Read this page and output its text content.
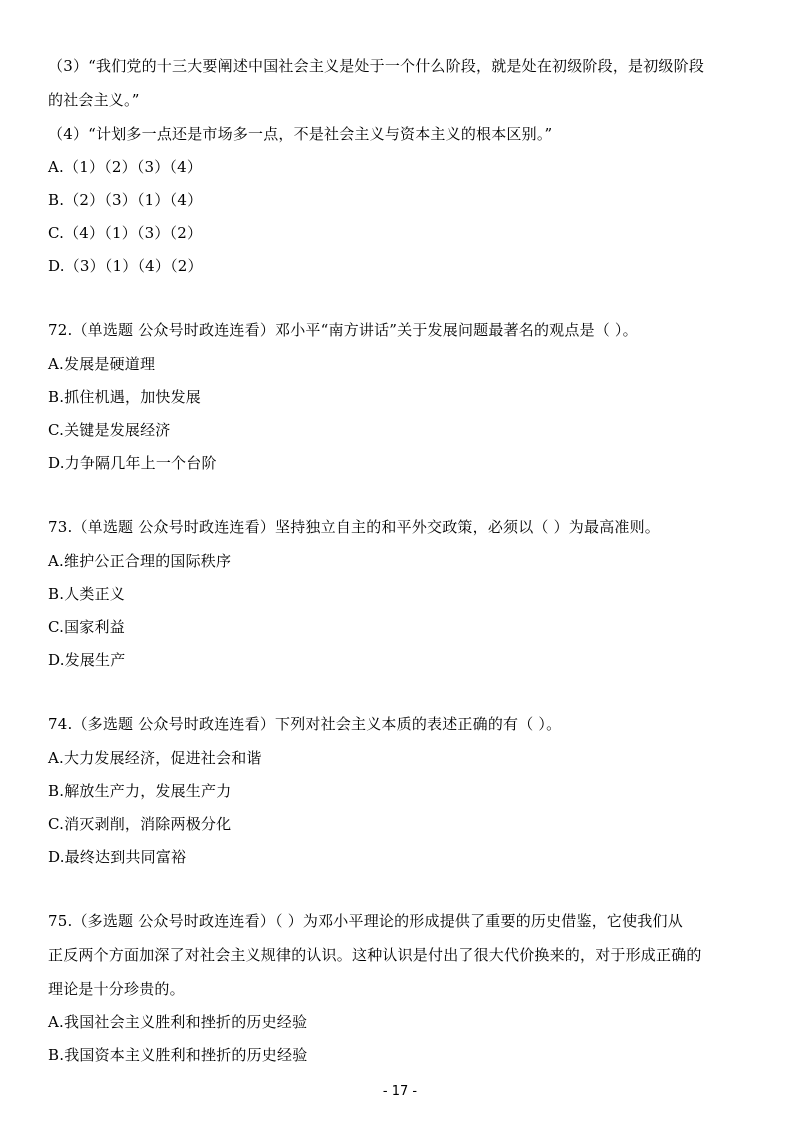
（3）“我们党的十三大要阐述中国社会主义是处于一个什么阶段，就是处在初级阶段，是初级阶段
的社会主义。”
（4）“计划多一点还是市场多一点，不是社会主义与资本主义的根本区别。”
A.（1）（2）（3）（4）
B.（2）（3）（1）（4）
C.（4）（1）（3）（2）
D.（3）（1）（4）（2）
72.（单选题 公众号时政连连看）邓小平“南方讲话”关于发展问题最著名的观点是（ ）。
A.发展是硬道理
B.抓住机遇，加快发展
C.关键是发展经济
D.力争隔几年上一个台阶
73.（单选题 公众号时政连连看）坚持独立自主的和平外交政策，必须以（ ）为最高准则。
A.维护公正合理的国际秩序
B.人类正义
C.国家利益
D.发展生产
74.（多选题 公众号时政连连看）下列对社会主义本质的表述正确的有（ ）。
A.大力发展经济，促进社会和谐
B.解放生产力，发展生产力
C.消灭剥削，消除两极分化
D.最终达到共同富裕
75.（多选题 公众号时政连连看）（ ）为邓小平理论的形成提供了重要的历史借鉴，它使我们从
正反两个方面加深了对社会主义规律的认识。这种认识是付出了很大代价换来的，对于形成正确的
理论是十分珍贵的。
A.我国社会主义胜利和挫折的历史经验
B.我国资本主义胜利和挫折的历史经验
- 17 -
